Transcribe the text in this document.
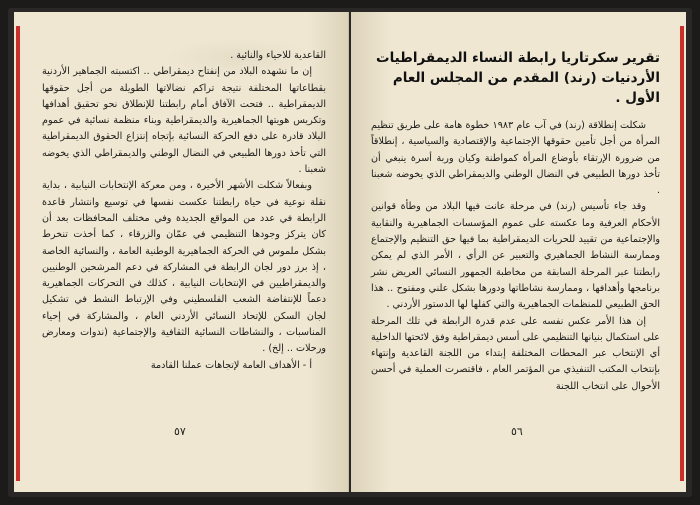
القاعدية للاحياء والنائية .

إن ما نشهده البلاد من إنفتاح ديمقراطي .. اكتسبته الجماهير الأردنية بقطاعاتها المختلفة نتيجة تراكم نضالاتها الطويلة من أجل حقوقها الديمقراطية .. فتحت الآفاق أمام رابطتنا للإنطلاق نحو تحقيق أهدافها وتكريس هويتها الجماهيرية والديمقراطية وبناء منظمة نسائية في عموم البلاد قادرة على دفع الحركة النسائية بإتجاه إنتزاع الحقوق الديمقراطية التي تأخذ دورها الطبيعي في النضال الوطني والديمقراطي الذي يخوضه شعبنا .

وبفعالاً شكلت الأشهر الأخيرة ، ومن معركة الإنتخابات النيابية ، بداية نقلة نوعية في حياة رابطتنا عكست نفسها في توسيع وانتشار قاعدة الرابطة في عدد من المواقع الجديدة وفي مختلف المحافظات بعد أن كان يتركز وجودها التنظيمي في عمّان والزرقاء ، كما أخذت تنخرط بشكل ملموس في الحركة الجماهيرية الوطنية العامة ، والنسائية الخاصة ، إذ برز دور لجان الرابطة في المشاركة في دعم المرشحين الوطنيين والديمقراطيين في الإنتخابات النيابية ، كذلك في التحركات الجماهيرية دعماً للإنتفاضة الشعب الفلسطيني وفي الإرتباط النشط في تشكيل لجان السكن للإتحاد النسائي الأردني العام ، والمشاركة في إحياء المناسبات ، والنشاطات النسائية الثقافية والإجتماعية (ندوات ومعارض ورحلات .. إلخ) .

أ - الأهداف العامة لإتجاهات عملنا القادمة

٥٧
تقرير سكرتاريا رابطة النساء الديمقراطيات الأردنيات (رند) المقدم من المجلس العام الأول .

شكلت إنطلاقة (رند) في آب عام ١٩٨٣ خطوة هامة على طريق تنظيم المرأة من أجل تأمين حقوقها الإجتماعية والإقتصادية والسياسية ، إنطلاقاً من ضرورة الإرتقاء بأوضاع المرأة كمواطنة وكيان وربة أسرة ينبغي أن تأخذ دورها الطبيعي في النضال الوطني والديمقراطي الذي يخوضه شعبنا .

وقد جاء تأسيس (رند) في مرحلة عانت فيها البلاد من وطأة قوانين الأحكام العرفية وما عكسته على عموم المؤسسات الجماهيرية والنقابية والإجتماعية من تقييد للحريات الديمقراطية بما فيها حق التنظيم والإجتماع وممارسة النشاط الجماهيري والتعبير عن الرأي ، الأمر الذي لم يمكن رابطتنا عبر المرحلة السابقة من مخاطبة الجمهور النسائي العريض نشر برنامجها وأهدافها ، وممارسة نشاطاتها ودورها بشكل علني ومفتوح .. هذا الحق الطبيعي للمنظمات الجماهيرية والتي كفلها لها الدستور الأردني .

إن هذا الأمر عكس نفسه على عدم قدرة الرابطة في تلك المرحلة على استكمال بنيانها التنظيمي على أسس ديمقراطية وفق لائحتها الداخلية أي الإنتخاب عبر المحطات المختلفة إبتداء من اللجنة القاعدية وإنتهاء بإنتخاب المكتب التنفيذي من المؤتمر العام ، فاقتصرت العملية في أحسن الأحوال على انتخاب اللجنة

٥٦
